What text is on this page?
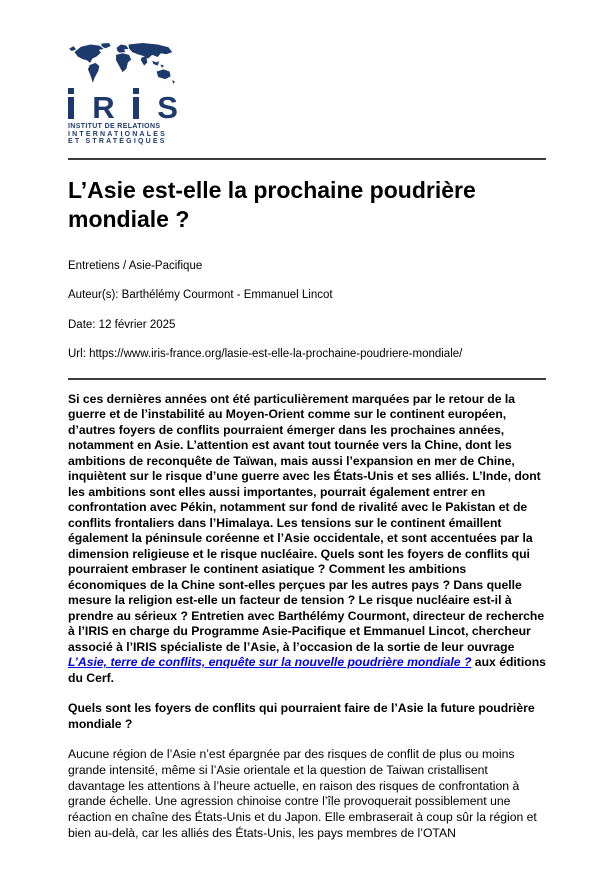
R S
INSTITUT DE RELATIONS
INTERNATIONALES
ET STRATÉGIQUES
L’Asie est-elle la prochaine poudrière mondiale ?

Entretiens / Asie-Pacifique

Auteur(s): Barthélémy Courmont - Emmanuel Lincot

Date: 12 février 2025

Url: https://www.iris-france.org/lasie-est-elle-la-prochaine-poudriere-mondiale/

Si ces dernières années ont été particulièrement marquées par le retour de la guerre et de l’instabilité au Moyen-Orient comme sur le continent européen, d’autres foyers de conflits pourraient émerger dans les prochaines années, notamment en Asie. L’attention est avant tout tournée vers la Chine, dont les ambitions de reconquête de Taïwan, mais aussi l’expansion en mer de Chine, inquiètent sur le risque d’une guerre avec les États-Unis et ses alliés. L’Inde, dont les ambitions sont elles aussi importantes, pourrait également entrer en confrontation avec Pékin, notamment sur fond de rivalité avec le Pakistan et de conflits frontaliers dans l’Himalaya. Les tensions sur le continent émaillent également la péninsule coréenne et l’Asie occidentale, et sont accentuées par la dimension religieuse et le risque nucléaire. Quels sont les foyers de conflits qui pourraient embraser le continent asiatique ? Comment les ambitions économiques de la Chine sont-elles perçues par les autres pays ? Dans quelle mesure la religion est-elle un facteur de tension ? Le risque nucléaire est-il à prendre au sérieux ? Entretien avec Barthélémy Courmont, directeur de recherche à l’IRIS en charge du Programme Asie-Pacifique et Emmanuel Lincot, chercheur associé à l’IRIS spécialiste de l’Asie, à l’occasion de la sortie de leur ouvrage L’Asie, terre de conflits, enquête sur la nouvelle poudrière mondiale ? aux éditions du Cerf.

Quels sont les foyers de conflits qui pourraient faire de l’Asie la future poudrière mondiale ?

Aucune région de l’Asie n’est épargnée par des risques de conflit de plus ou moins grande intensité, même si l’Asie orientale et la question de Taiwan cristallisent davantage les attentions à l’heure actuelle, en raison des risques de confrontation à grande échelle. Une agression chinoise contre l’île provoquerait possiblement une réaction en chaîne des États-Unis et du Japon. Elle embraserait à coup sûr la région et bien au-delà, car les alliés des États-Unis, les pays membres de l’OTAN
